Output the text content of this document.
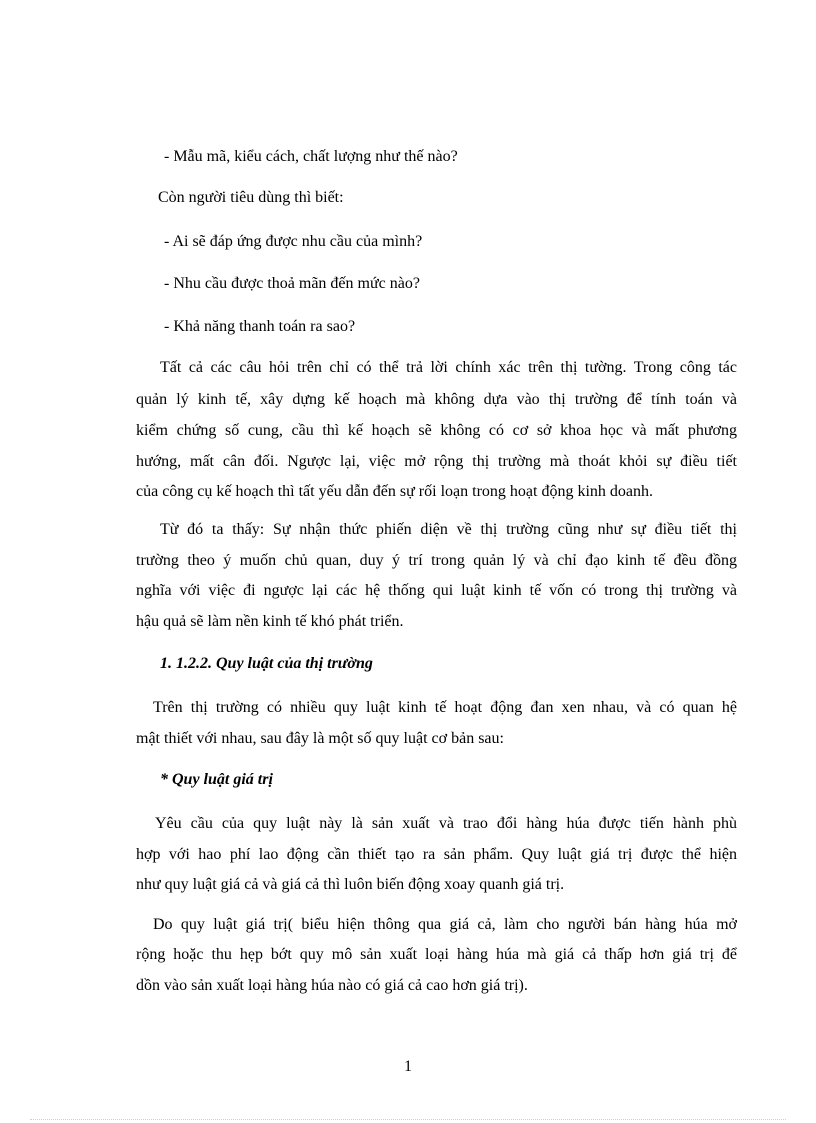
- Mẫu mã, kiểu cách, chất lượng như thế nào?

Còn người tiêu dùng thì biết:

- Ai sẽ đáp ứng được nhu cầu của mình?

- Nhu cầu được thoả mãn đến mức nào?

- Khả năng thanh toán ra sao?

Tất cả các câu hỏi trên chỉ có thể trả lời chính xác trên thị tường. Trong công tác

quản lý kinh tế, xây dựng kế hoạch mà không dựa vào thị trường để tính toán và

kiểm chứng số cung, cầu thì kế hoạch sẽ không có cơ sở khoa học và mất phương

hướng, mất cân đối. Ngược lại, việc mở rộng thị trường mà thoát khỏi sự điều tiết

của công cụ kế hoạch thì tất yếu dẫn đến sự rối loạn trong hoạt động kinh doanh.

Từ đó ta thấy: Sự nhận thức phiến diện về thị trường cũng như sự điều tiết thị

trường theo ý muốn chủ quan, duy ý trí trong quản lý và chỉ đạo kinh tế đều đồng

nghĩa với việc đi ngược lại các hệ thống qui luật kinh tế vốn có trong thị trường và

hậu quả sẽ làm nền kinh tế khó phát triển.

1. 1.2.2. Quy luật của thị trường

Trên thị trường có nhiều quy luật kinh tế hoạt động đan xen nhau, và có quan hệ

mật thiết với nhau, sau đây là một số quy luật cơ bản sau:

* Quy luật giá trị

Yêu cầu của quy luật này là sản xuất và trao đổi hàng húa được tiến hành phù

hợp với hao phí lao động cần thiết tạo ra sản phẩm. Quy luật giá trị được thể hiện

như quy luật giá cả và giá cả thì luôn biến động xoay quanh giá trị.

Do quy luật giá trị( biểu hiện thông qua giá cả, làm cho người bán hàng húa mở

rộng hoặc thu hẹp bớt quy mô sản xuất loại hàng húa mà giá cả thấp hơn giá trị để

dồn vào sản xuất loại hàng húa nào có giá cả cao hơn giá trị).

1
